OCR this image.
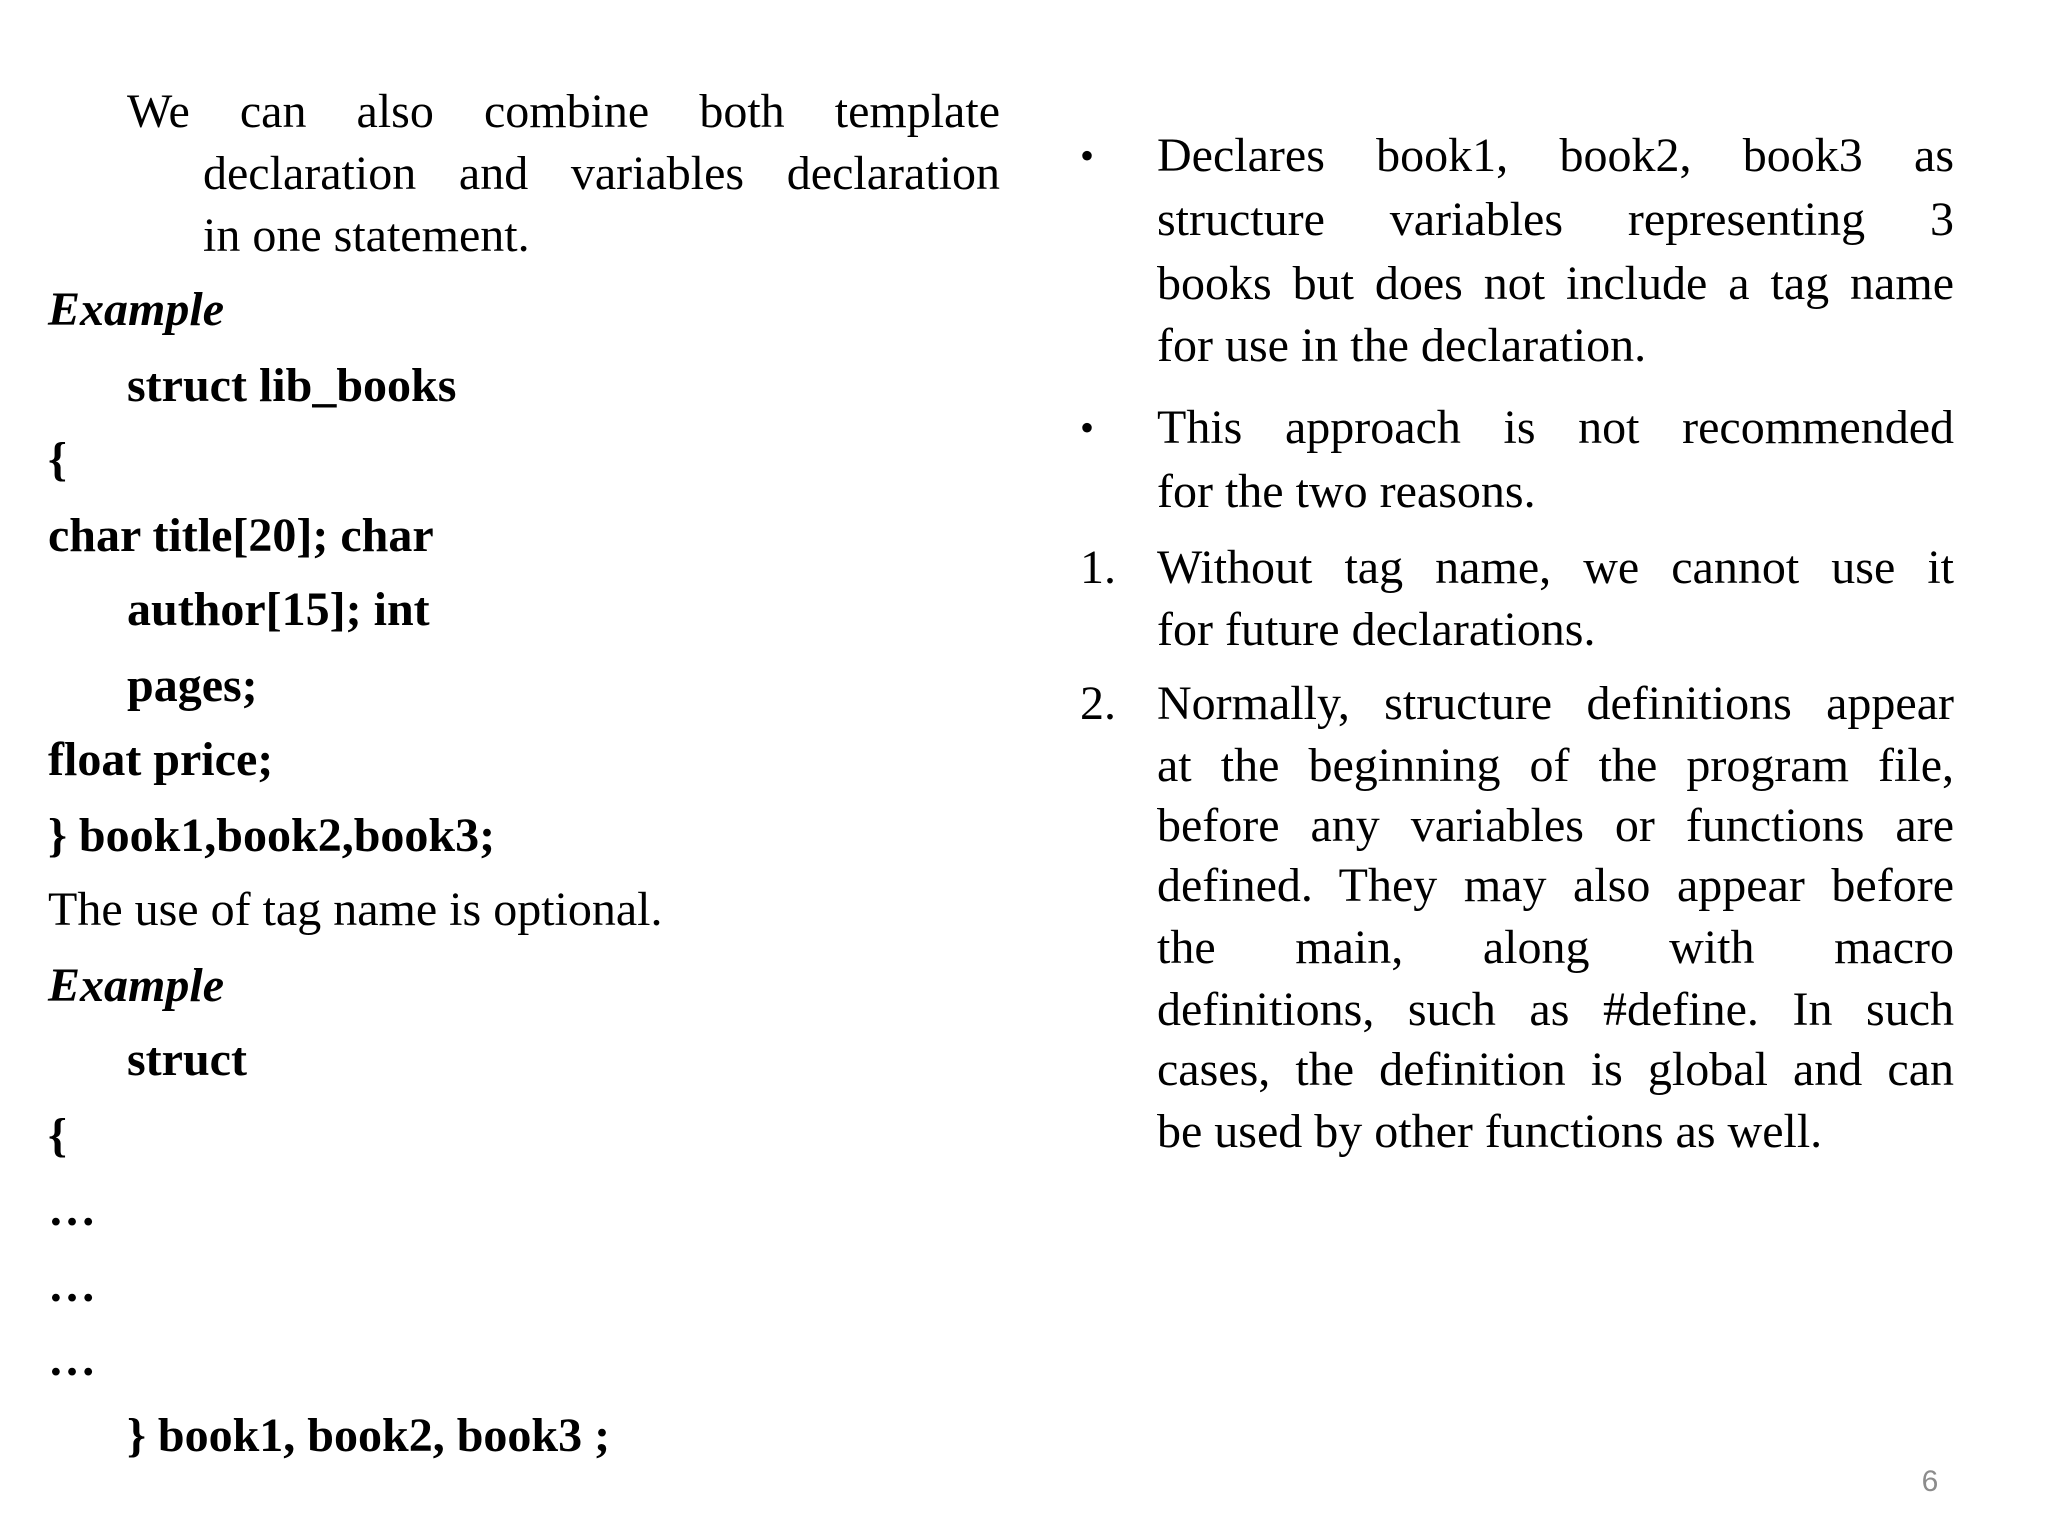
We can also combine both template
declaration and variables declaration
in one statement.
Example
struct lib_books
{
char title[20]; char
author[15]; int
pages;
float price;
} book1,book2,book3;
The use of tag name is optional.
Example
struct
{
…
…
…
} book1, book2, book3 ;
• Declares book1, book2, book3 as
structure variables representing 3
books but does not include a tag name
for use in the declaration.
• This approach is not recommended
for the two reasons.
1. Without tag name, we cannot use it
for future declarations.
2. Normally, structure definitions appear
at the beginning of the program file,
before any variables or functions are
defined. They may also appear before
the main, along with macro
definitions, such as #define. In such
cases, the definition is global and can
be used by other functions as well.
6
